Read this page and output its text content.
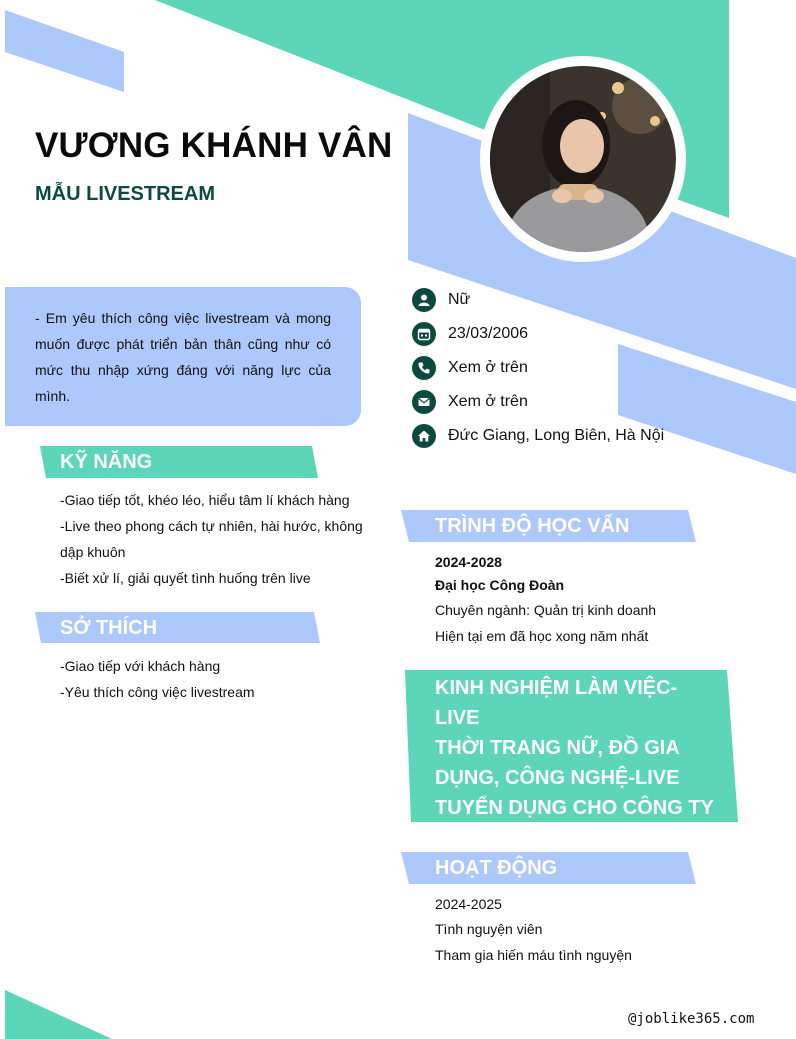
VƯƠNG KHÁNH VÂN
MẪU LIVESTREAM
- Em yêu thích công việc livestream và mong muốn được phát triển bản thân cũng như có mức thu nhập xứng đáng với năng lực của mình.
Nữ
23/03/2006
Xem ở trên
Xem ở trên
Đức Giang, Long Biên, Hà Nội
KỸ NĂNG
-Giao tiếp tốt, khéo léo, hiểu tâm lí khách hàng
-Live theo phong cách tự nhiên, hài hước, không
dập khuôn
-Biết xử lí, giải quyết tình huống trên live
SỞ THÍCH
-Giao tiếp với khách hàng
-Yêu thích công việc livestream
TRÌNH ĐỘ HỌC VẤN
2024-2028
Đại học Công Đoàn
Chuyên ngành: Quản trị kinh doanh
Hiện tại em đã học xong năm nhất
KINH NGHIỆM LÀM VIỆC-LIVE
THỜI TRANG NỮ, ĐỒ GIA
DỤNG, CÔNG NGHỆ-LIVE
TUYỂN DỤNG CHO CÔNG TY
SKT VINA
HOẠT ĐỘNG
2024-2025
Tình nguyện viên
Tham gia hiến máu tình nguyện
@joblike365.com
